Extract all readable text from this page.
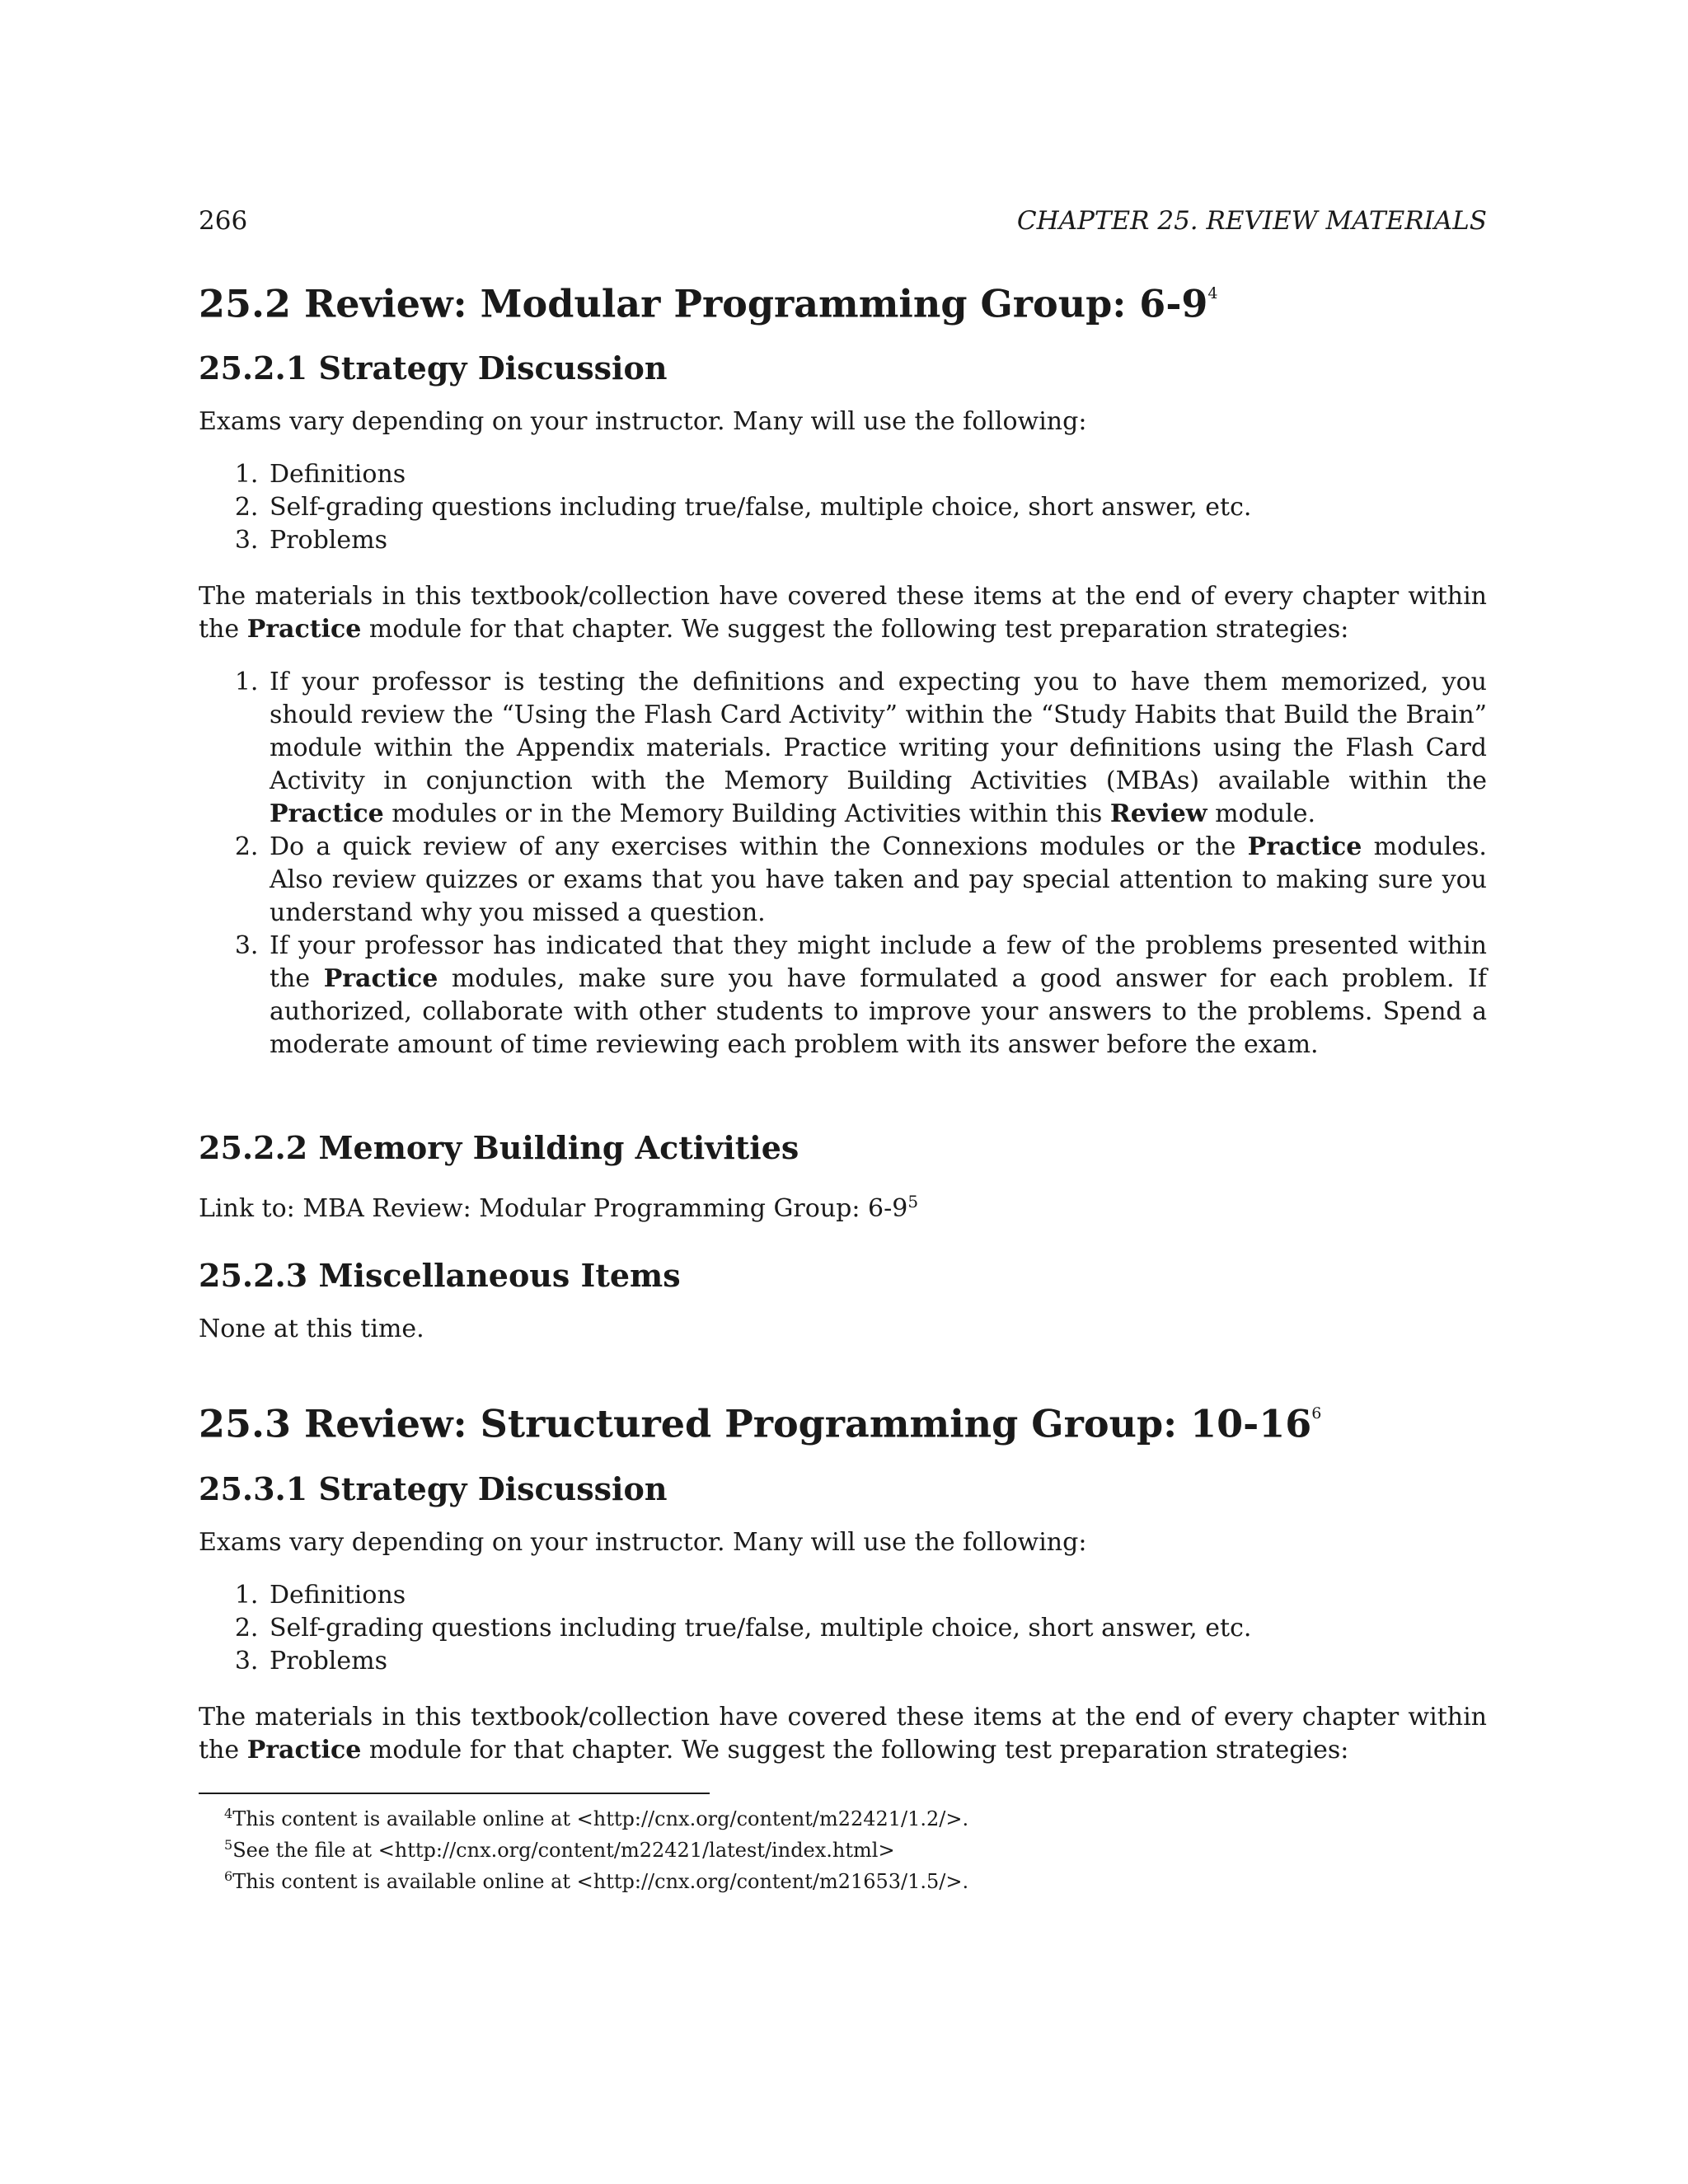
266	CHAPTER 25. REVIEW MATERIALS
25.2 Review: Modular Programming Group: 6-9$^4$
25.2.1 Strategy Discussion

Exams vary depending on your instructor. Many will use the following:

1. Definitions
2. Self-grading questions including true/false, multiple choice, short answer, etc.
3. Problems

The materials in this textbook/collection have covered these items at the end of every chapter within the Practice module for that chapter. We suggest the following test preparation strategies:

1. If your professor is testing the definitions and expecting you to have them memorized, you should review the “Using the Flash Card Activity” within the “Study Habits that Build the Brain” module within the Appendix materials. Practice writing your definitions using the Flash Card Activity in conjunction with the Memory Building Activities (MBAs) available within the Practice modules or in the Memory Building Activities within this Review module.
2. Do a quick review of any exercises within the Connexions modules or the Practice modules. Also review quizzes or exams that you have taken and pay special attention to making sure you understand why you missed a question.
3. If your professor has indicated that they might include a few of the problems presented within the Practice modules, make sure you have formulated a good answer for each problem. If authorized, collaborate with other students to improve your answers to the problems. Spend a moderate amount of time reviewing each problem with its answer before the exam.
25.2.2 Memory Building Activities

Link to: MBA Review: Modular Programming Group: 6-9$^5$

25.2.3 Miscellaneous Items

None at this time.

25.3 Review: Structured Programming Group: 10-16$^6$
25.3.1 Strategy Discussion

Exams vary depending on your instructor. Many will use the following:

1. Definitions
2. Self-grading questions including true/false, multiple choice, short answer, etc.
3. Problems

The materials in this textbook/collection have covered these items at the end of every chapter within the Practice module for that chapter. We suggest the following test preparation strategies:

$^4$This content is available online at <http://cnx.org/content/m22421/1.2/>.
$^5$See the file at <http://cnx.org/content/m22421/latest/index.html>
$^6$This content is available online at <http://cnx.org/content/m21653/1.5/>.
